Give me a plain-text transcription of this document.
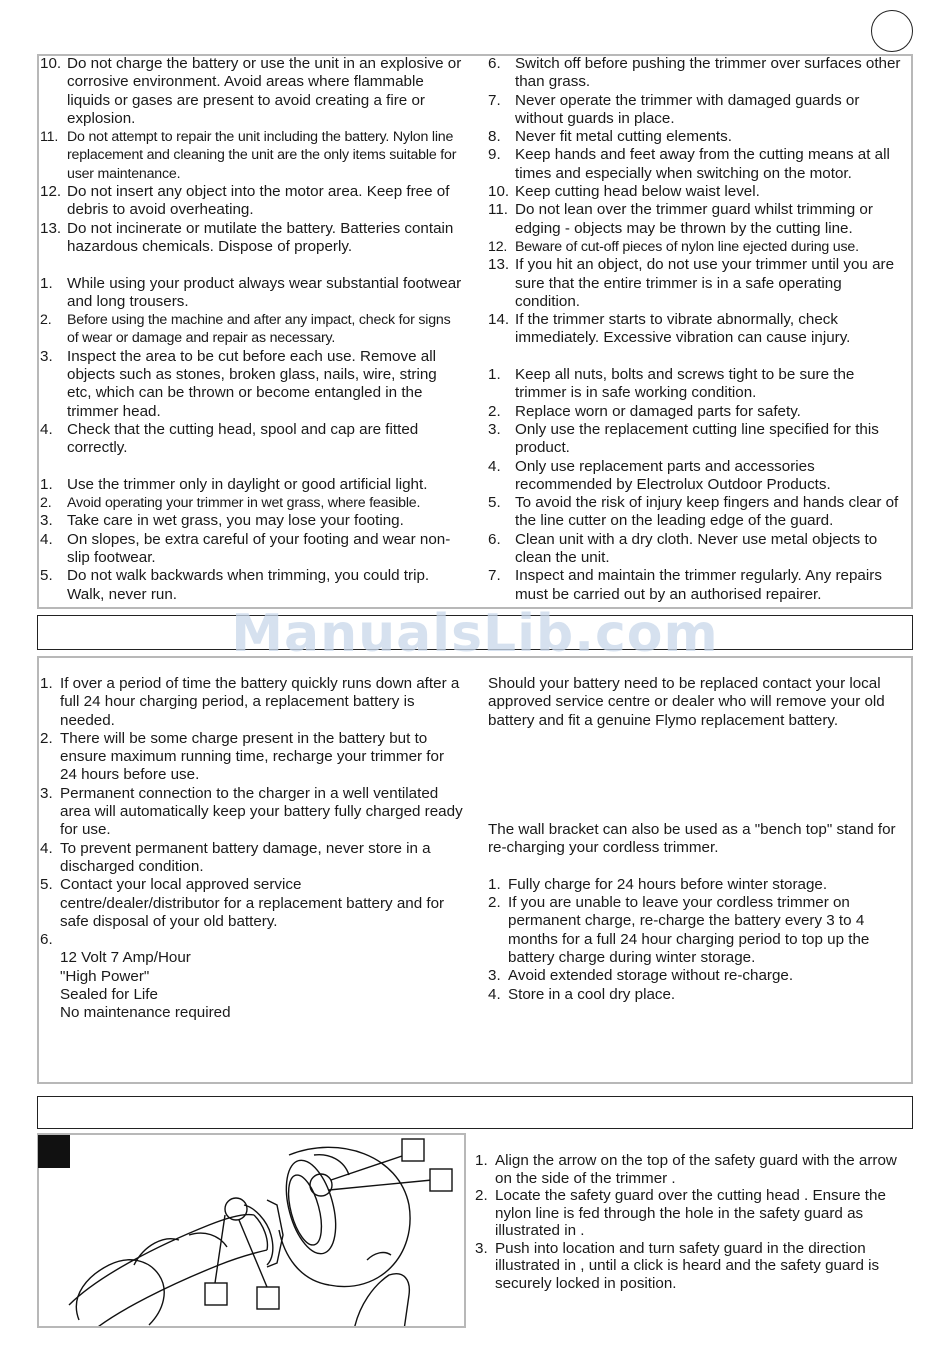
10. Do not charge the battery or use the unit in an explosive or corrosive environment. Avoid areas where flammable liquids or gases are present to avoid creating a fire or explosion.
11. Do not attempt to repair the unit including the battery. Nylon line replacement and cleaning the unit are the only items suitable for user maintenance.
12. Do not insert any object into the motor area. Keep free of debris to avoid overheating.
13. Do not incinerate or mutilate the battery. Batteries contain hazardous chemicals. Dispose of properly.
1. While using your product always wear substantial footwear and long trousers.
2.	Before using the machine and after any impact, check for signs of wear or damage and repair as necessary.
3. Inspect the area to be cut before each use. Remove all objects such as stones, broken glass, nails, wire, string etc, which can be thrown or become entangled in the trimmer head.
4. Check that the cutting head, spool and cap are fitted correctly.
1. Use the trimmer only in daylight or good artificial light.
2.	Avoid operating your trimmer in wet grass, where feasible.
3. Take care in wet grass, you may lose your footing.
4. On slopes, be extra careful of your footing and wear non-slip footwear.
5. Do not walk backwards when trimming, you could trip. Walk, never run.
6. Switch off before pushing the trimmer over surfaces other than grass.
7. Never operate the trimmer with damaged guards or without guards in place.
8. Never fit metal cutting elements.
9. Keep hands and feet away from the cutting means at all times and especially when switching on the motor.
10. Keep cutting head below waist level.
11. Do not lean over the trimmer guard whilst trimming or edging - objects may be thrown by the cutting line.
12. Beware of cut-off pieces of nylon line ejected during use.
13. If you hit an object, do not use your trimmer until you are sure that the entire trimmer is in a safe operating condition.
14. If the trimmer starts to vibrate abnormally, check immediately. Excessive vibration can cause injury.
1. Keep all nuts, bolts and screws tight to be sure the trimmer is in safe working condition.
2. Replace worn or damaged parts for safety.
3. Only use the replacement cutting line specified for this product.
4. Only use replacement parts and accessories recommended by Electrolux Outdoor Products.
5. To avoid the risk of injury keep fingers and hands clear of the line cutter on the leading edge of the guard.
6. Clean unit with a dry cloth. Never use metal objects to clean the unit.
7. Inspect and maintain the trimmer regularly. Any repairs must be carried out by an authorised repairer.
ManualsLib.com
1. If over a period of time the battery quickly runs down after a full 24 hour charging period, a replacement battery is needed.
2. There will be some charge present in the battery but to ensure maximum running time, recharge your trimmer for 24 hours before use.
3. Permanent connection to the charger in a well ventilated area will automatically keep your battery fully charged ready for use.
4. To prevent permanent battery damage, never store in a discharged condition.
5. Contact your local approved service centre/dealer/distributor for a replacement battery and for safe disposal of your old battery.
6.
12 Volt 7 Amp/Hour
"High Power"
Sealed for Life
No maintenance required

Should your battery need to be replaced contact your local approved service centre or dealer who will remove your old battery and fit a genuine Flymo replacement battery.

The wall bracket can also be used as a "bench top" stand for re-charging your cordless trimmer.

1. Fully charge for 24 hours before winter storage.
2. If you are unable to leave your cordless trimmer on permanent charge, re-charge the battery every 3 to 4 months for a full 24 hour charging period to top up the battery charge during winter storage.
3. Avoid extended storage without re-charge.
4. Store in a cool dry place.
1. Align the arrow on the top of the safety guard with the arrow on the side of the trimmer .
2. Locate the safety guard over the cutting head . Ensure the nylon line is fed through the hole in the safety guard as illustrated in .
3. Push into location and turn safety guard in the direction illustrated in , until a click is heard and the safety guard is securely locked in position.
